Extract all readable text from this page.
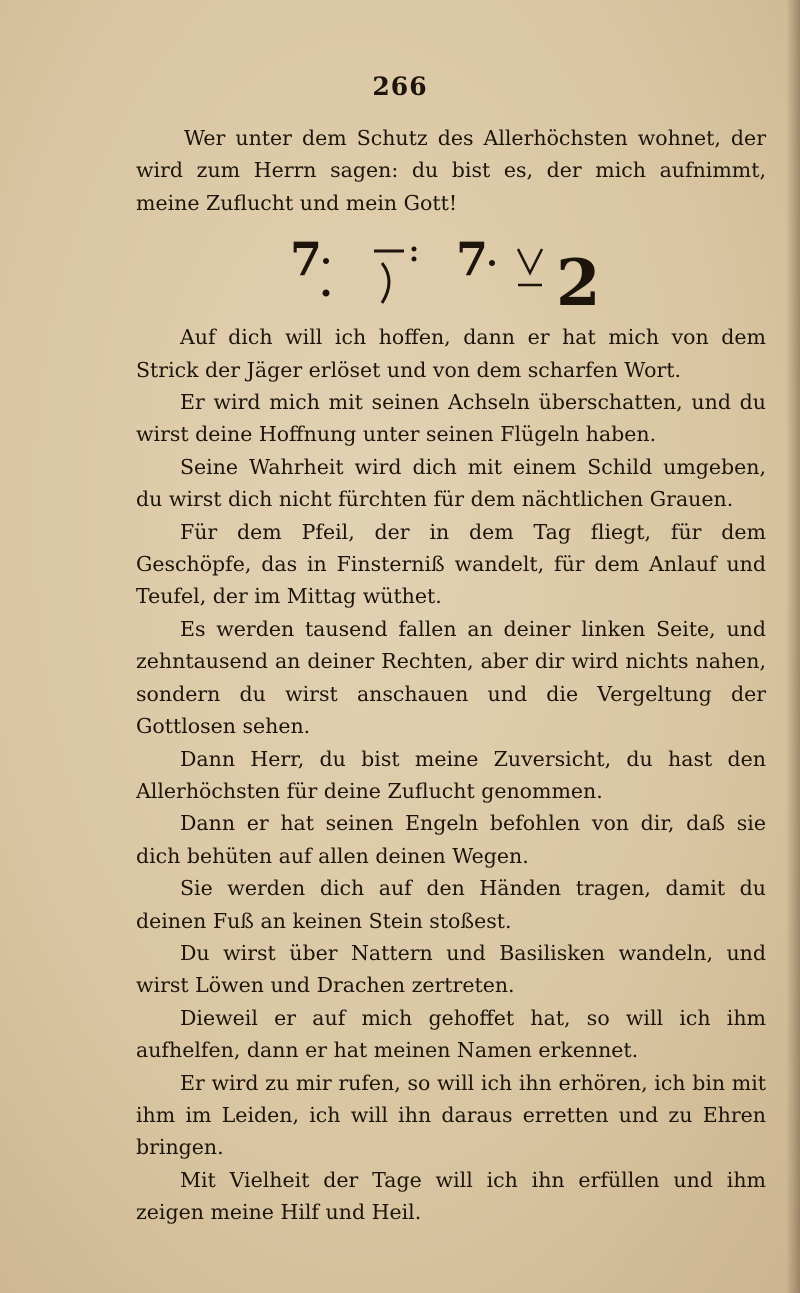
266

Wer unter dem Schutz des Allerhöchsten wohnet, der wird zum Herrn sagen: du bist es, der mich aufnimmt, meine Zuflucht und mein Gott!

7	7 2

Auf dich will ich hoffen, dann er hat mich von dem Strick der Jäger erlöset und von dem scharfen Wort.

Er wird mich mit seinen Achseln überschatten, und du wirst deine Hoffnung unter seinen Flügeln haben.

Seine Wahrheit wird dich mit einem Schild umgeben, du wirst dich nicht fürchten für dem nächtlichen Grauen.

Für dem Pfeil, der in dem Tag fliegt, für dem Geschöpfe, das in Finsterniß wandelt, für dem Anlauf und Teufel, der im Mittag wüthet.

Es werden tausend fallen an deiner linken Seite, und zehntausend an deiner Rechten, aber dir wird nichts nahen, sondern du wirst anschauen und die Vergeltung der Gottlosen sehen.

Dann Herr, du bist meine Zuversicht, du hast den Allerhöchsten für deine Zuflucht genommen.

Dann er hat seinen Engeln befohlen von dir, daß sie dich behüten auf allen deinen Wegen.

Sie werden dich auf den Händen tragen, damit du deinen Fuß an keinen Stein stoßest.

Du wirst über Nattern und Basilisken wandeln, und wirst Löwen und Drachen zertreten.

Dieweil er auf mich gehoffet hat, so will ich ihm aufhelfen, dann er hat meinen Namen erkennet.

Er wird zu mir rufen, so will ich ihn erhören, ich bin mit ihm im Leiden, ich will ihn daraus erretten und zu Ehren bringen.

Mit Vielheit der Tage will ich ihn erfüllen und ihm zeigen meine Hilf und Heil.
